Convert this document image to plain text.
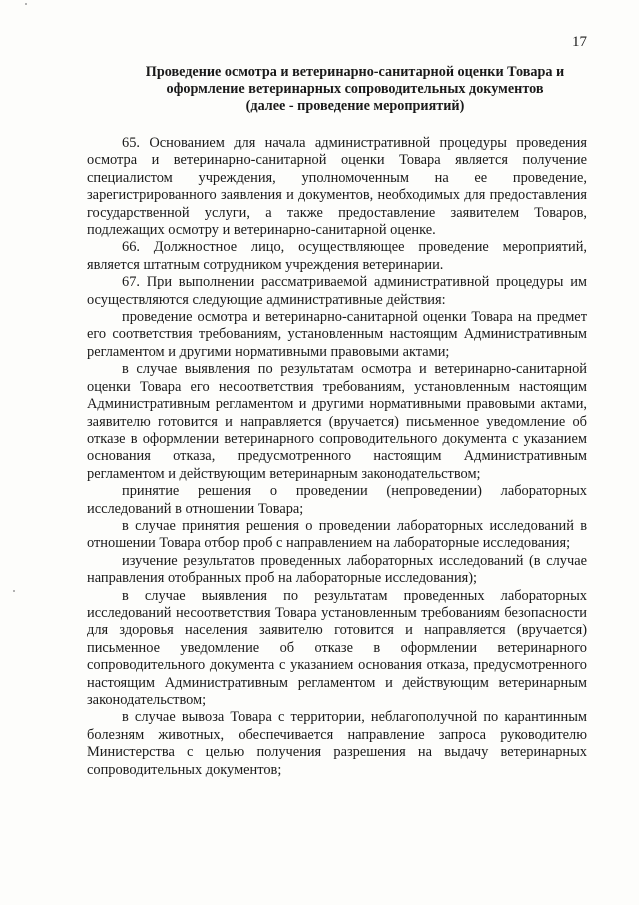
17
Проведение осмотра и ветеринарно-санитарной оценки Товара и
оформление ветеринарных сопроводительных документов
(далее - проведение мероприятий)

65. Основанием для начала административной процедуры проведения осмотра и ветеринарно-санитарной оценки Товара является получение специалистом учреждения, уполномоченным на ее проведение, зарегистрированного заявления и документов, необходимых для предоставления государственной услуги, а также предоставление заявителем Товаров, подлежащих осмотру и ветеринарно-санитарной оценке.

66. Должностное лицо, осуществляющее проведение мероприятий, является штатным сотрудником учреждения ветеринарии.

67. При выполнении рассматриваемой административной процедуры им осуществляются следующие административные действия:

проведение осмотра и ветеринарно-санитарной оценки Товара на предмет его соответствия требованиям, установленным настоящим Административным регламентом и другими нормативными правовыми актами;

в случае выявления по результатам осмотра и ветеринарно-санитарной оценки Товара его несоответствия требованиям, установленным настоящим Административным регламентом и другими нормативными правовыми актами, заявителю готовится и направляется (вручается) письменное уведомление об отказе в оформлении ветеринарного сопроводительного документа с указанием основания отказа, предусмотренного настоящим Административным регламентом и действующим ветеринарным законодательством;

принятие решения о проведении (непроведении) лабораторных исследований в отношении Товара;

в случае принятия решения о проведении лабораторных исследований в отношении Товара отбор проб с направлением на лабораторные исследования;

изучение результатов проведенных лабораторных исследований (в случае направления отобранных проб на лабораторные исследования);

в случае выявления по результатам проведенных лабораторных исследований несоответствия Товара установленным требованиям безопасности для здоровья населения заявителю готовится и направляется (вручается) письменное уведомление об отказе в оформлении ветеринарного сопроводительного документа с указанием основания отказа, предусмотренного настоящим Административным регламентом и действующим ветеринарным законодательством;

в случае вывоза Товара с территории, неблагополучной по карантинным болезням животных, обеспечивается направление запроса руководителю Министерства с целью получения разрешения на выдачу ветеринарных сопроводительных документов;
